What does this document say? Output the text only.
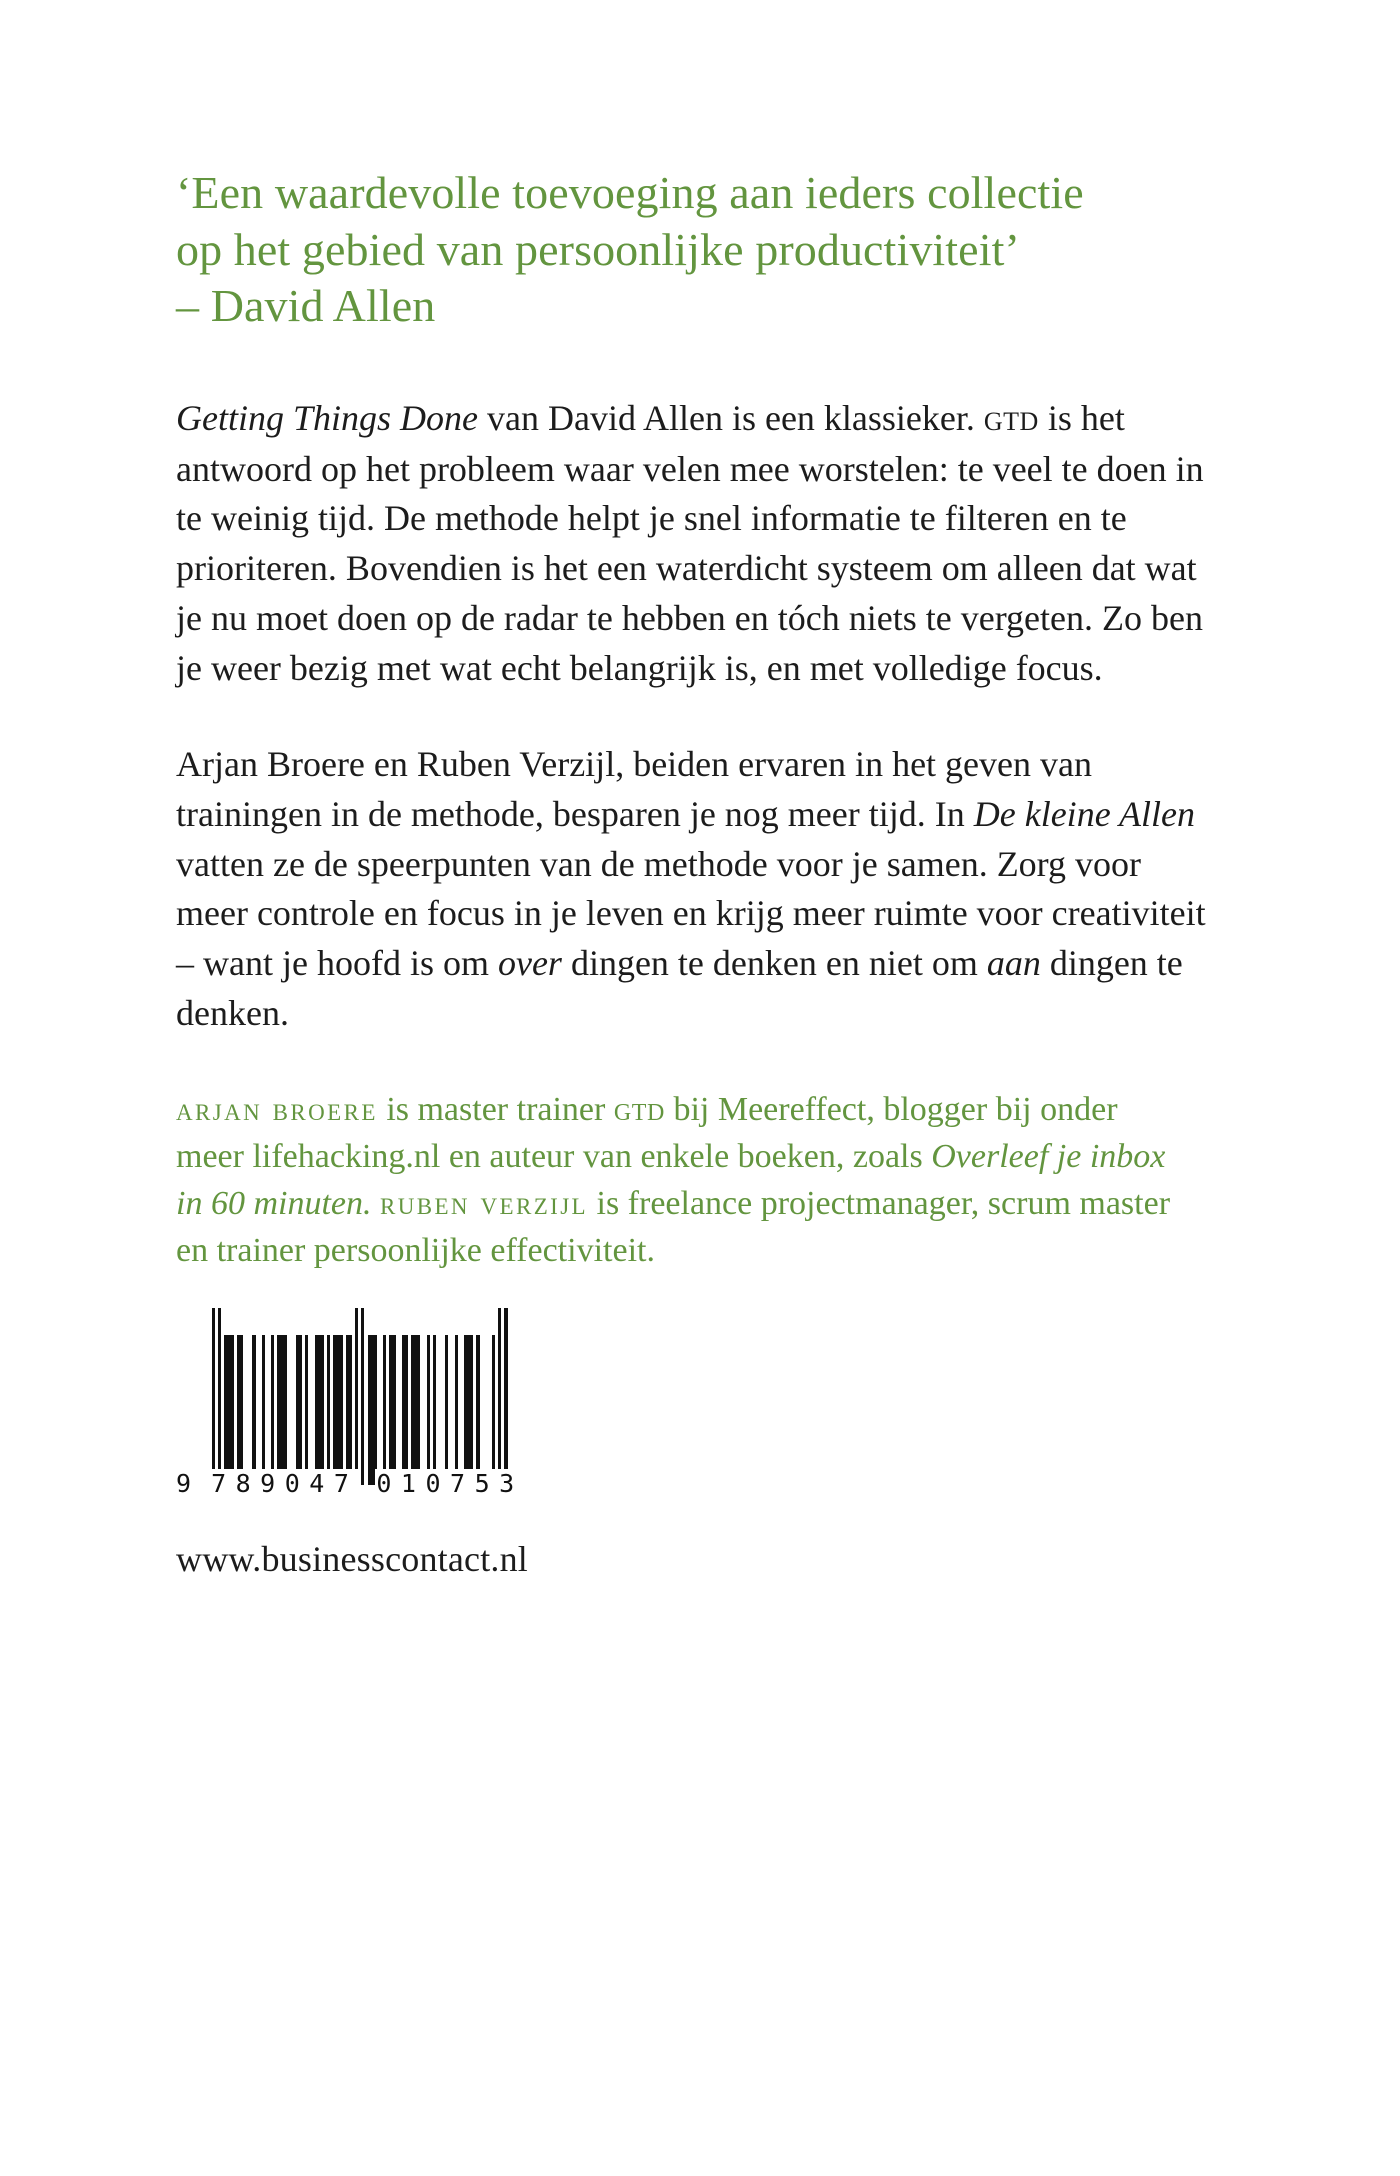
‘Een waardevolle toevoeging aan ieders collectie
op het gebied van persoonlijke productiviteit’
– David Allen

Getting Things Done van David Allen is een klassieker. gtd is het antwoord op het probleem waar velen mee worstelen: te veel te doen in te weinig tijd. De methode helpt je snel informatie te filteren en te prioriteren. Bovendien is het een waterdicht systeem om alleen dat wat je nu moet doen op de radar te hebben en tóch niets te vergeten. Zo ben je weer bezig met wat echt belangrijk is, en met volledige focus.

Arjan Broere en Ruben Verzijl, beiden ervaren in het geven van trainingen in de methode, besparen je nog meer tijd. In De kleine Allen vatten ze de speerpunten van de methode voor je samen. Zorg voor meer controle en focus in je leven en krijg meer ruimte voor creativiteit – want je hoofd is om over dingen te denken en niet om aan dingen te denken.

arjan broere is master trainer gtd bij Meereffect, blogger bij onder meer lifehacking.nl en auteur van enkele boeken, zoals Overleef je inbox in 60 minuten. ruben verzijl is freelance projectmanager, scrum master en trainer persoonlijke effectiviteit.

9 789047 010753
www.businesscontact.nl
